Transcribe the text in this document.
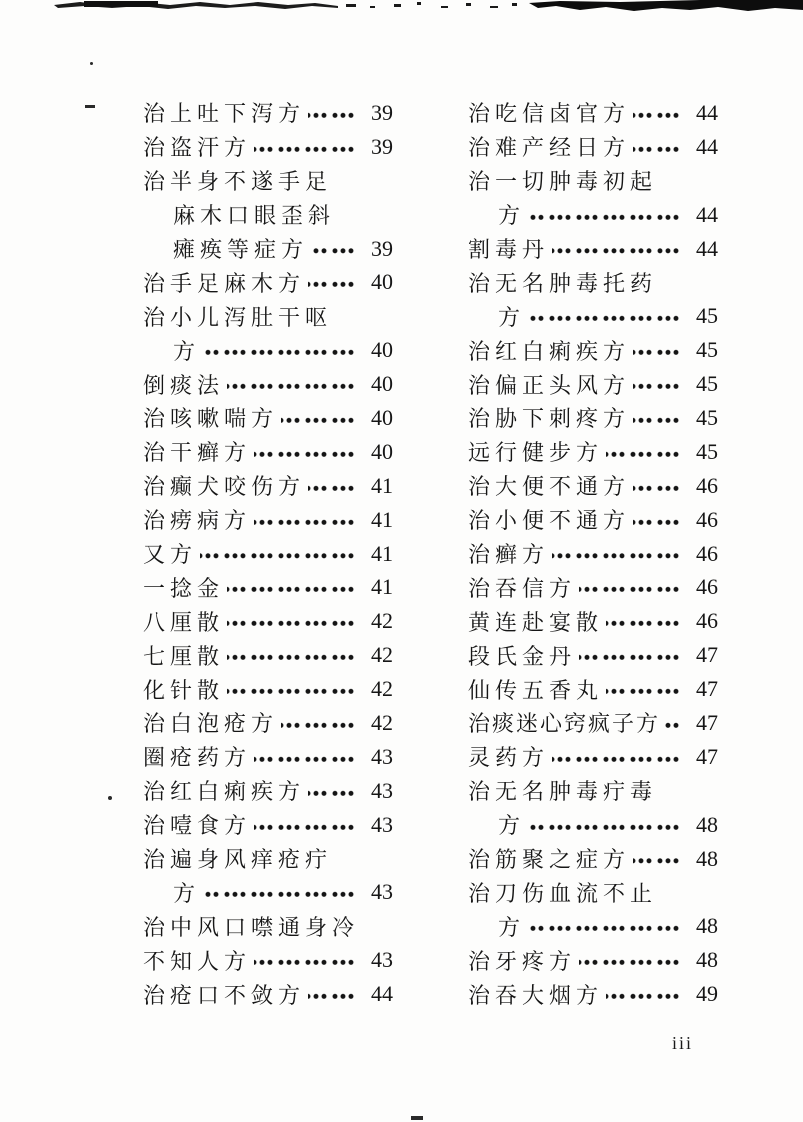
治上吐下泻方	39
治盗汗方	39
治半身不遂手足
麻木口眼歪斜
瘫痪等症方	39
治手足麻木方	40
治小儿泻肚干呕
方	40
倒痰法	40
治咳嗽喘方	40
治干癣方	40
治癫犬咬伤方	41
治痨病方	41
又方	41
一捻金	41
八厘散	42
七厘散	42
化针散	42
治白泡疮方	42
圈疮药方	43
治红白痢疾方	43
治噎食方	43
治遍身风痒疮疔
方	43
治中风口噤通身冷
不知人方	43
治疮口不敛方	44
治吃信卤官方	44
治难产经日方	44
治一切肿毒初起
方	44
割毒丹	44
治无名肿毒托药
方	45
治红白痢疾方	45
治偏正头风方	45
治胁下刺疼方	45
远行健步方	45
治大便不通方	46
治小便不通方	46
治癣方	46
治吞信方	46
黄连赴宴散	46
段氏金丹	47
仙传五香丸	47
治痰迷心窍疯子方	47
灵药方	47
治无名肿毒疔毒
方	48
治筋聚之症方	48
治刀伤血流不止
方	48
治牙疼方	48
治吞大烟方	49
iii
